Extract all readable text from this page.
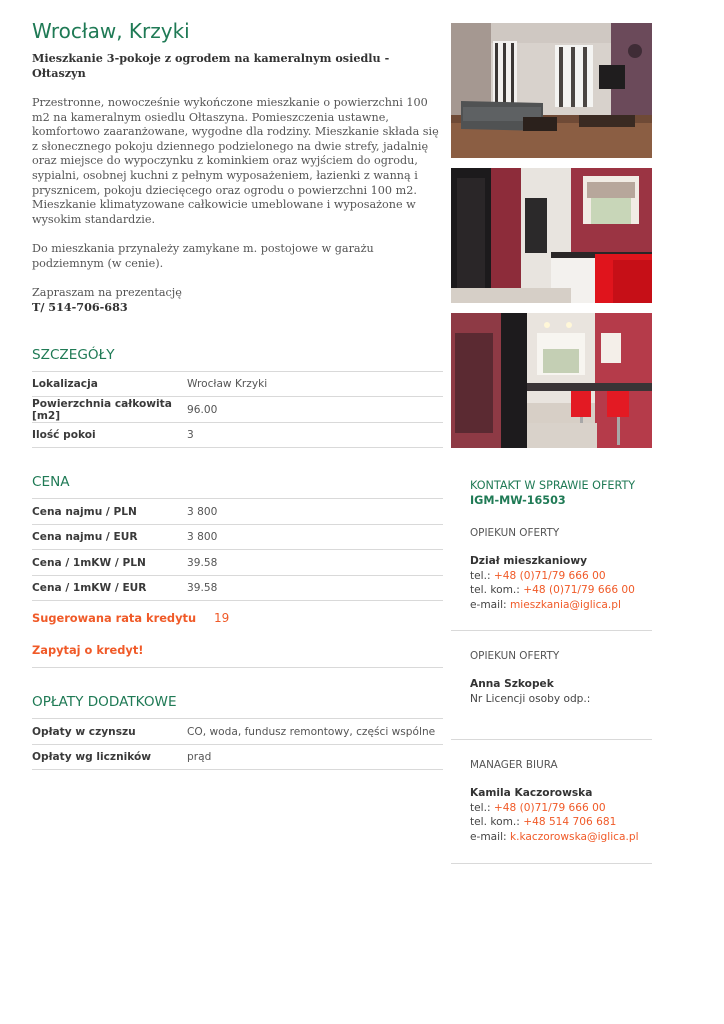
Wrocław, Krzyki
Mieszkanie 3-pokoje z ogrodem na kameralnym osiedlu - Ołtaszyn

Przestronne, nowocześnie wykończone mieszkanie o powierzchni 100 m2 na kameralnym osiedlu Ołtaszyna. Pomieszczenia ustawne, komfortowo zaaranżowane, wygodne dla rodziny. Mieszkanie składa się z słonecznego pokoju dziennego podzielonego na dwie strefy, jadalnię oraz miejsce do wypoczynku z kominkiem oraz wyjściem do ogrodu, sypialni, osobnej kuchni z pełnym wyposażeniem, łazienki z wanną i prysznicem, pokoju dziecięcego oraz ogrodu o powierzchni 100 m2. Mieszkanie klimatyzowane całkowicie umeblowane i wyposażone w wysokim standardzie.

Do mieszkania przynależy zamykane m. postojowe w garażu podziemnym (w cenie).

Zapraszam na prezentację
T/ 514-706-683

SZCZEGÓŁY
Lokalizacja	Wrocław Krzyki
Powierzchnia całkowita [m2]	96.00
Ilość pokoi	3
CENA
Cena najmu / PLN	3 800
Cena najmu / EUR	3 800
Cena / 1mKW / PLN	39.58
Cena / 1mKW / EUR	39.58
Sugerowana rata kredytu	19
Zapytaj o kredyt!
OPŁATY DODATKOWE
Opłaty w czynszu	CO, woda, fundusz remontowy, części wspólne
Opłaty wg liczników	prąd
KONTAKT W SPRAWIE OFERTY
IGM-MW-16503
OPIEKUN OFERTY
Dział mieszkaniowy
tel.: +48 (0)71/79 666 00
tel. kom.: +48 (0)71/79 666 00
e-mail: mieszkania@iglica.pl
OPIEKUN OFERTY
Anna Szkopek
Nr Licencji osoby odp.:

MANAGER BIURA
Kamila Kaczorowska
tel.: +48 (0)71/79 666 00
tel. kom.: +48 514 706 681
e-mail: k.kaczorowska@iglica.pl
